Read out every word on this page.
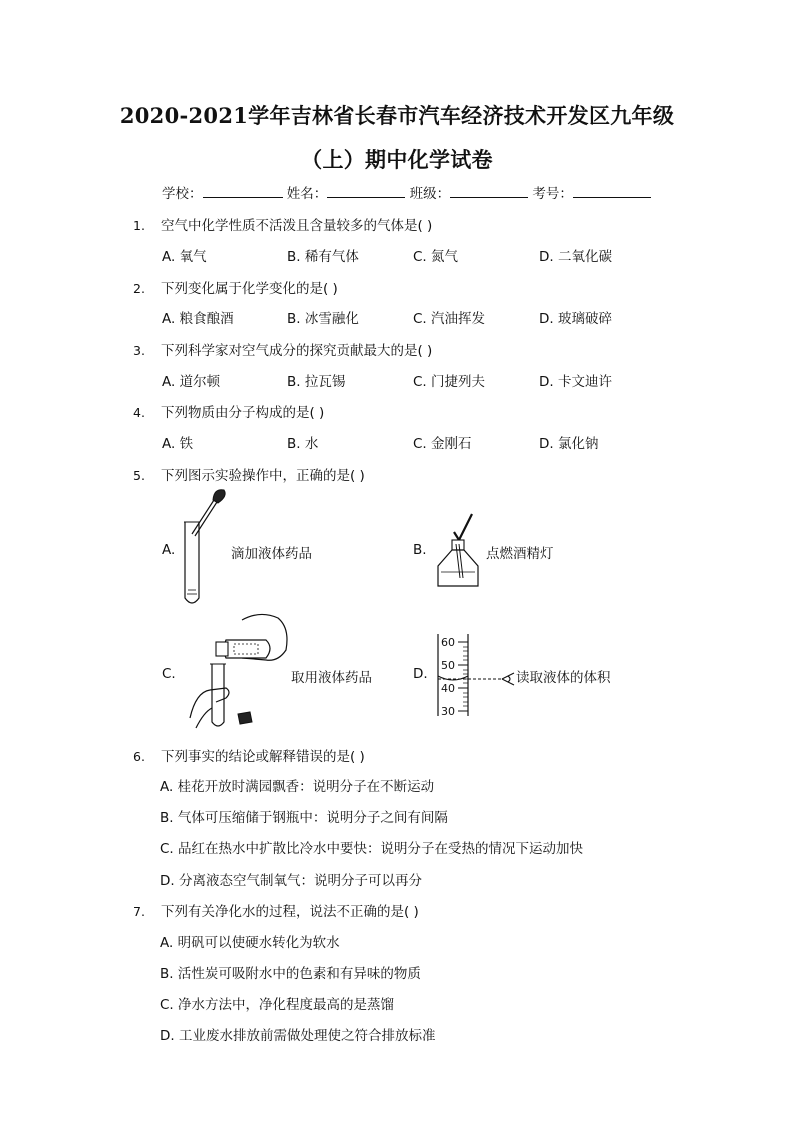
2020-2021学年吉林省长春市汽车经济技术开发区九年级
（上）期中化学试卷
学校：	姓名：	班级：	考号：
1. 空气中化学性质不活泼且含量较多的气体是( )
A. 氧气	B. 稀有气体	C. 氮气	D. 二氧化碳
2. 下列变化属于化学变化的是( )
A. 粮食酿酒	B. 冰雪融化	C. 汽油挥发	D. 玻璃破碎
3. 下列科学家对空气成分的探究贡献最大的是( )
A. 道尔顿	B. 拉瓦锡	C. 门捷列夫	D. 卡文迪许
4. 下列物质由分子构成的是( )
A. 铁	B. 水	C. 金刚石	D. 氯化钠
5. 下列图示实验操作中，正确的是( )
A.	滴加液体药品	B.	点燃酒精灯
C.	取用液体药品	D.
60
50
40
30
读取液体的体积
6. 下列事实的结论或解释错误的是( )
A. 桂花开放时满园飘香：说明分子在不断运动
B. 气体可压缩储于钢瓶中：说明分子之间有间隔
C. 品红在热水中扩散比冷水中要快：说明分子在受热的情况下运动加快
D. 分离液态空气制氧气：说明分子可以再分
7. 下列有关净化水的过程，说法不正确的是( )
A. 明矾可以使硬水转化为软水
B. 活性炭可吸附水中的色素和有异味的物质
C. 净水方法中，净化程度最高的是蒸馏
D. 工业废水排放前需做处理使之符合排放标准
